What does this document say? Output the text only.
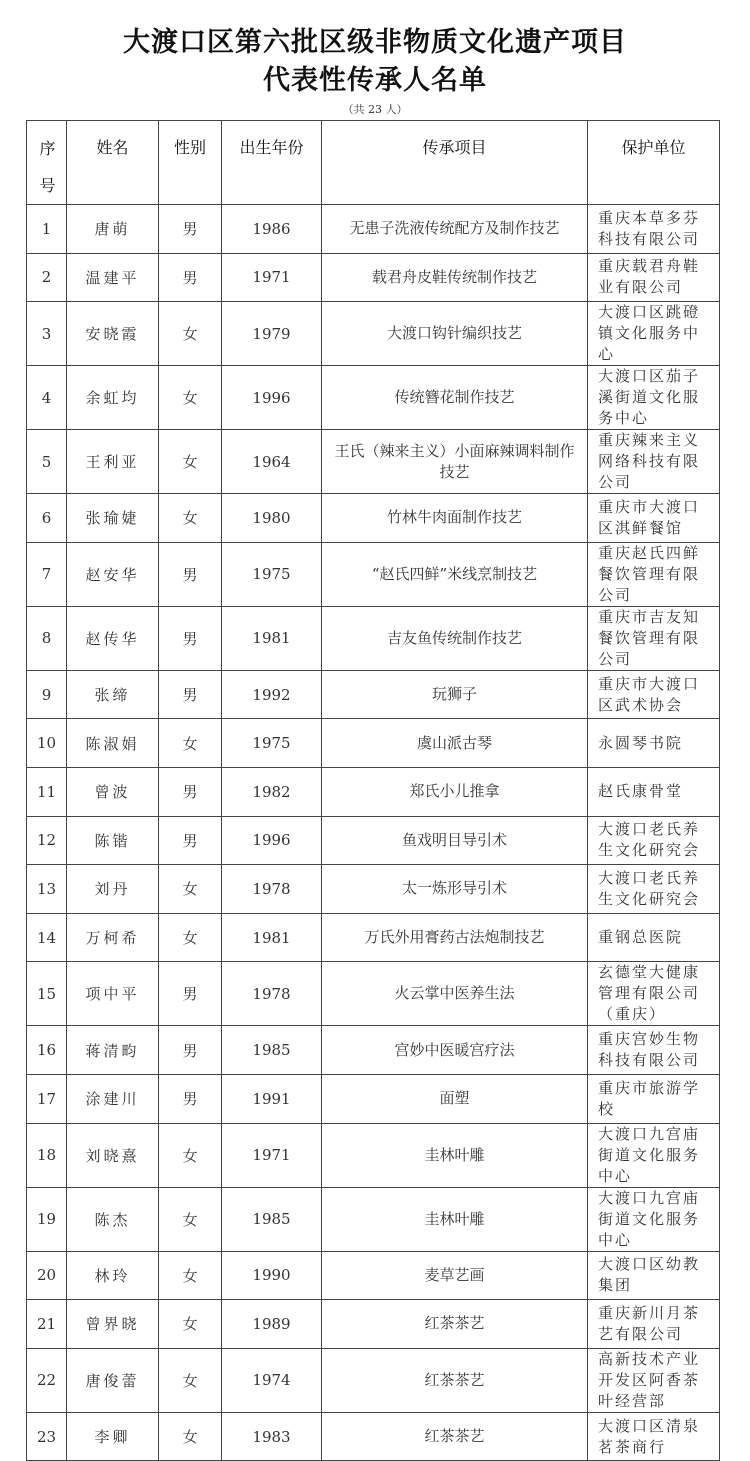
大渡口区第六批区级非物质文化遗产项目
代表性传承人名单
（共 23 人）
序号	姓名	性别	出生年份	传承项目	保护单位

1	唐萌	男	1986	无患子洗液传统配方及制作技艺	重庆本草多芬科技有限公司
2	温建平	男	1971	载君舟皮鞋传统制作技艺	重庆载君舟鞋业有限公司
3	安晓霞	女	1979	大渡口钩针编织技艺	大渡口区跳磴镇文化服务中心
4	余虹均	女	1996	传统簪花制作技艺	大渡口区茄子溪街道文化服务中心
5	王利亚	女	1964	王氏（辣来主义）小面麻辣调料制作技艺	重庆辣来主义网络科技有限公司
6	张瑜婕	女	1980	竹林牛肉面制作技艺	重庆市大渡口区淇鲜餐馆
7	赵安华	男	1975	“赵氏四鲜”米线烹制技艺	重庆赵氏四鲜餐饮管理有限公司
8	赵传华	男	1981	吉友鱼传统制作技艺	重庆市吉友知餐饮管理有限公司
9	张缔	男	1992	玩狮子	重庆市大渡口区武术协会
10	陈淑娟	女	1975	虞山派古琴	永圆琴书院
11	曾波	男	1982	郑氏小儿推拿	赵氏康骨堂
12	陈锴	男	1996	鱼戏明目导引术	大渡口老氏养生文化研究会
13	刘丹	女	1978	太一炼形导引术	大渡口老氏养生文化研究会
14	万柯希	女	1981	万氏外用膏药古法炮制技艺	重钢总医院
15	项中平	男	1978	火云掌中医养生法	玄德堂大健康管理有限公司（重庆）
16	蒋清畇	男	1985	宫妙中医暖宫疗法	重庆宫妙生物科技有限公司
17	涂建川	男	1991	面塑	重庆市旅游学校
18	刘晓熹	女	1971	圭林叶雕	大渡口九宫庙街道文化服务中心
19	陈杰	女	1985	圭林叶雕	大渡口九宫庙街道文化服务中心
20	林玲	女	1990	麦草艺画	大渡口区幼教集团
21	曾界晓	女	1989	红茶茶艺	重庆新川月茶艺有限公司
22	唐俊蕾	女	1974	红茶茶艺	高新技术产业开发区阿香茶叶经营部
23	李卿	女	1983	红茶茶艺	大渡口区清泉茗茶商行
